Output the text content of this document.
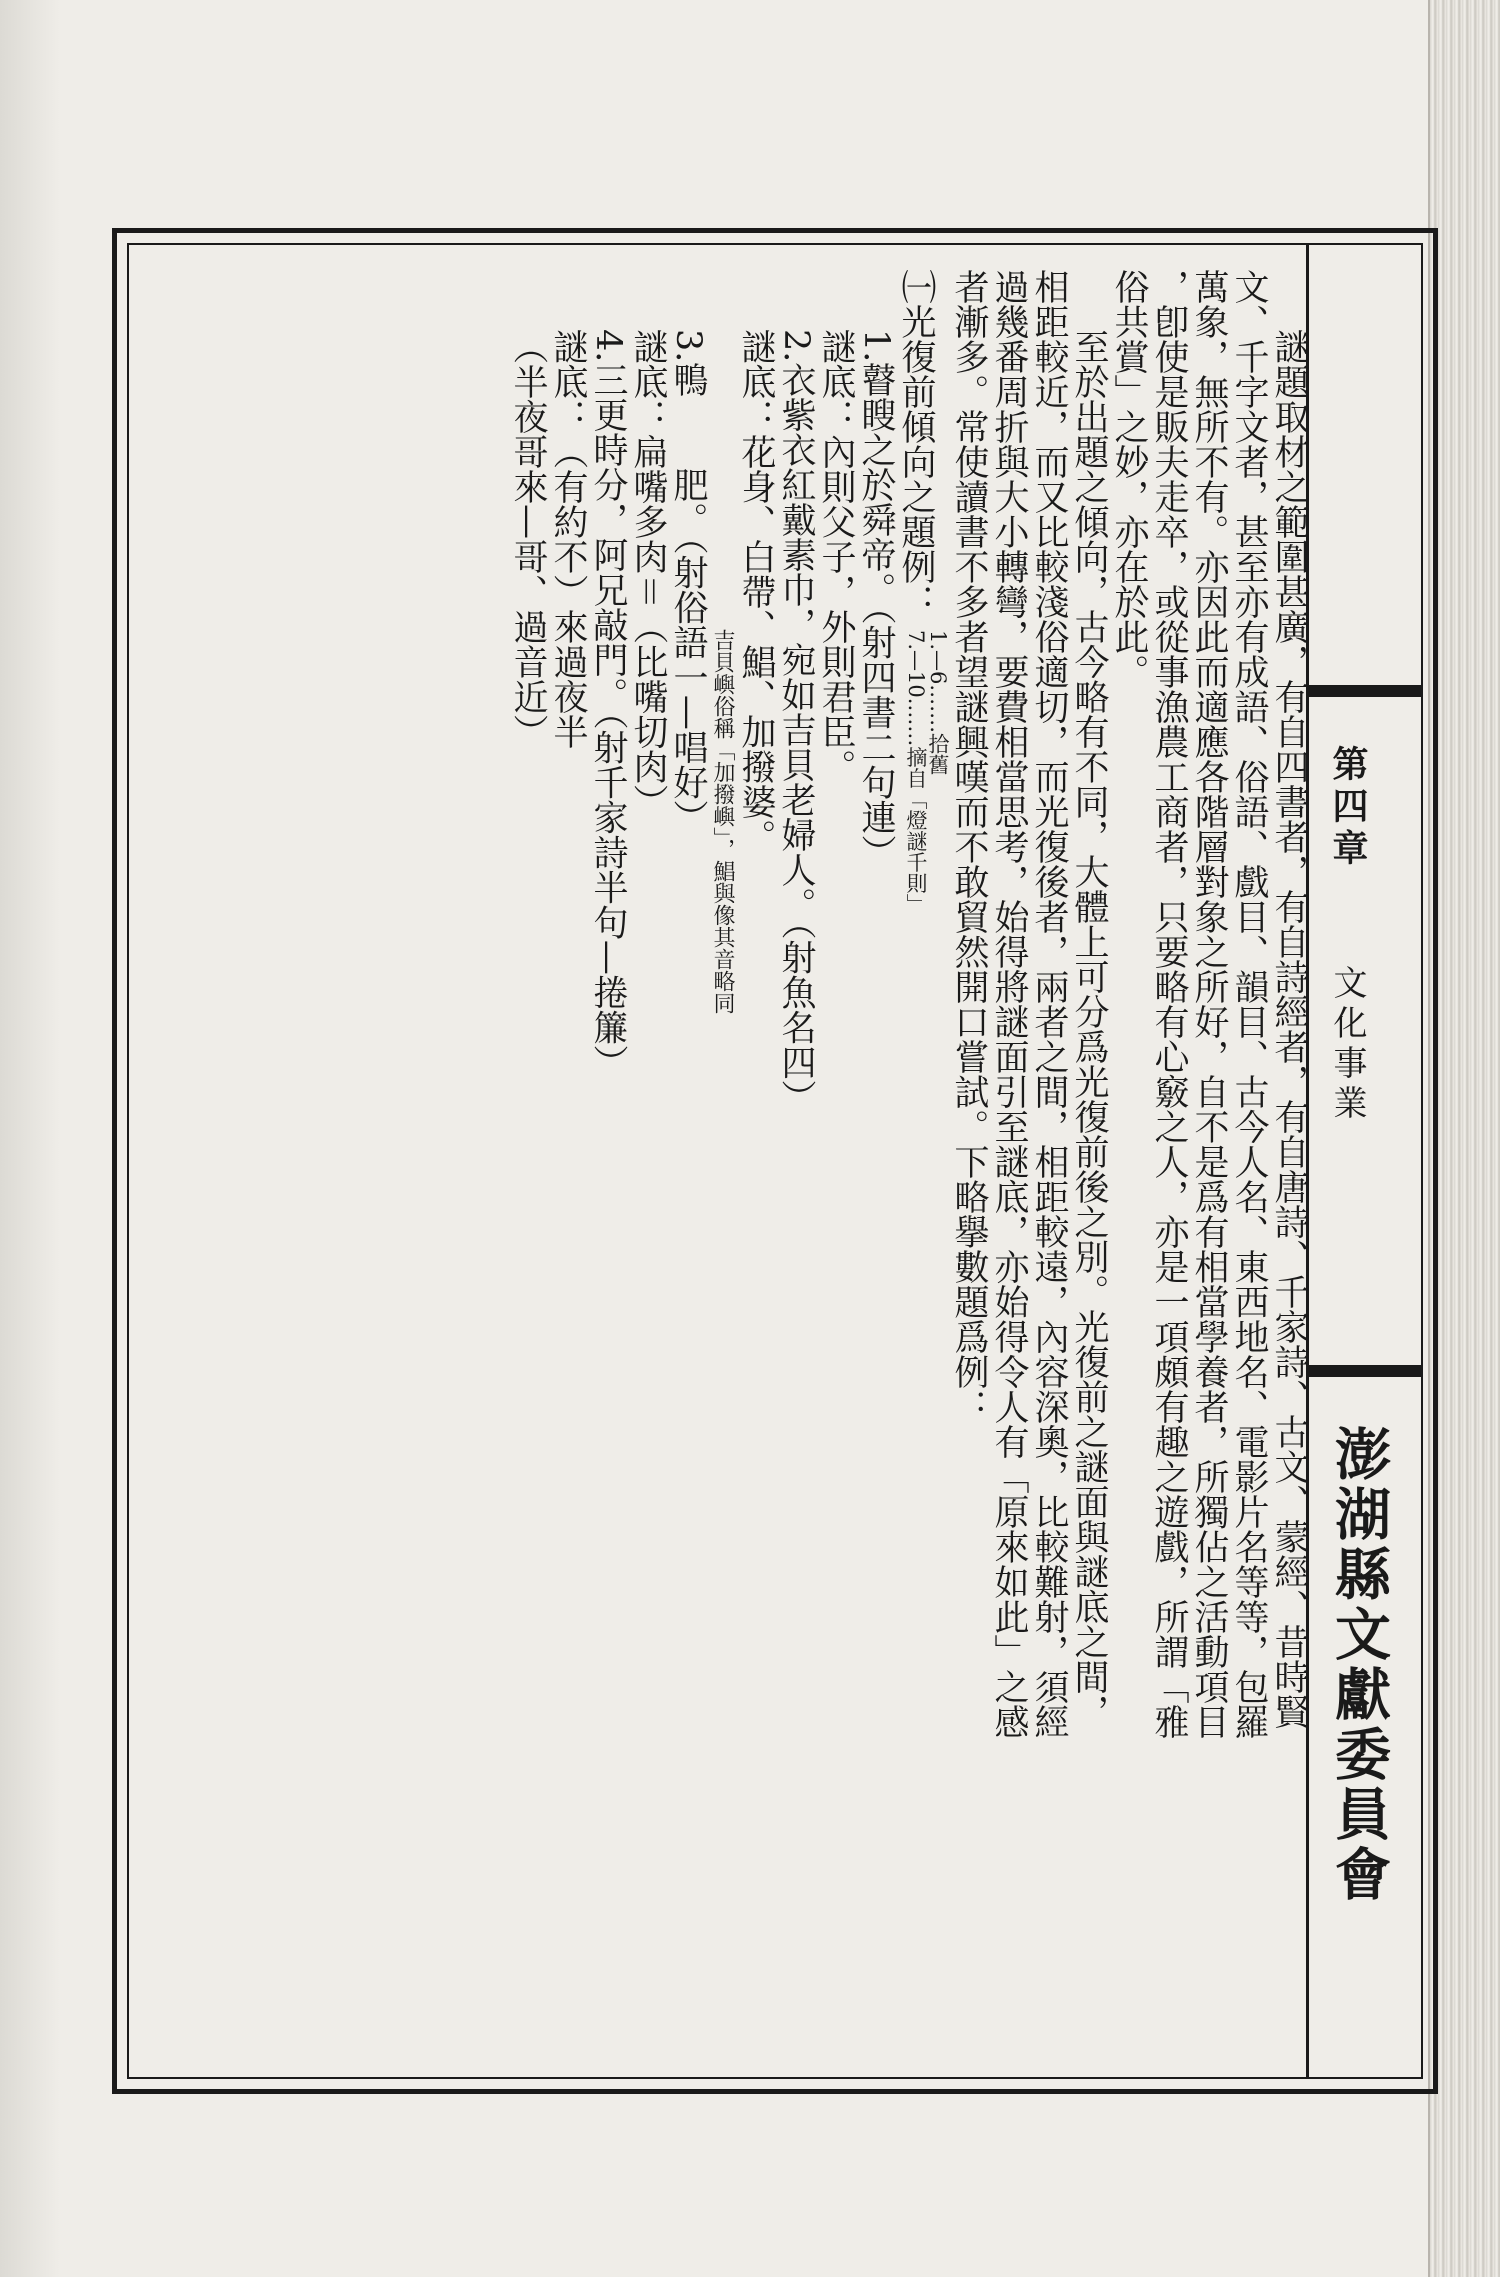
第四章
文化事業
澎湖縣文獻委員會

謎題取材之範圍甚廣，有自四書者，有自詩經者，有自唐詩、千家詩、古文、蒙經、昔時賢

文、千字文者，甚至亦有成語、俗語、戲目、韻目、古今人名、東西地名、電影片名等等，包羅

萬象，無所不有。亦因此而適應各階層對象之所好，自不是爲有相當學養者，所獨佔之活動項目

，卽使是販夫走卒，或從事漁農工商者，只要略有心竅之人，亦是一項頗有趣之遊戲，所謂「雅

俗共賞」之妙，亦在於此。

至於出題之傾向，古今略有不同，大體上可分爲光復前後之別。光復前之謎面與謎底之間，

相距較近，而又比較淺俗適切，而光復後者，兩者之間，相距較遠，內容深奧，比較難射，須經

過幾番周折與大小轉彎，要費相當思考，始得將謎面引至謎底，亦始得令人有「原來如此」之感

者漸多。常使讀書不多者望謎興嘆而不敢貿然開口嘗試。下略擧數題爲例：

㈠光復前傾向之題例： 1.—6.……拾舊
7.—10.……摘自「燈謎千則」

1.瞽瞍之於舜帝。（射四書二句連）

謎底：內則父子，外則君臣。

2.衣紫衣紅戴素巾，宛如吉貝老婦人。（射魚名四）

謎底：花身、白帶、鯧、加撥婆。

吉貝嶼俗稱「加撥嶼」，鯧與像其音略同

3.鴨　　肥。（射俗語一—唱好）

謎底：扁嘴多肉＝（比嘴切肉）

4.三更時分，阿兄敲門。（射千家詩半句—捲簾）

謎底：（有約不）來過夜半

（半夜哥來—哥、過音近）
